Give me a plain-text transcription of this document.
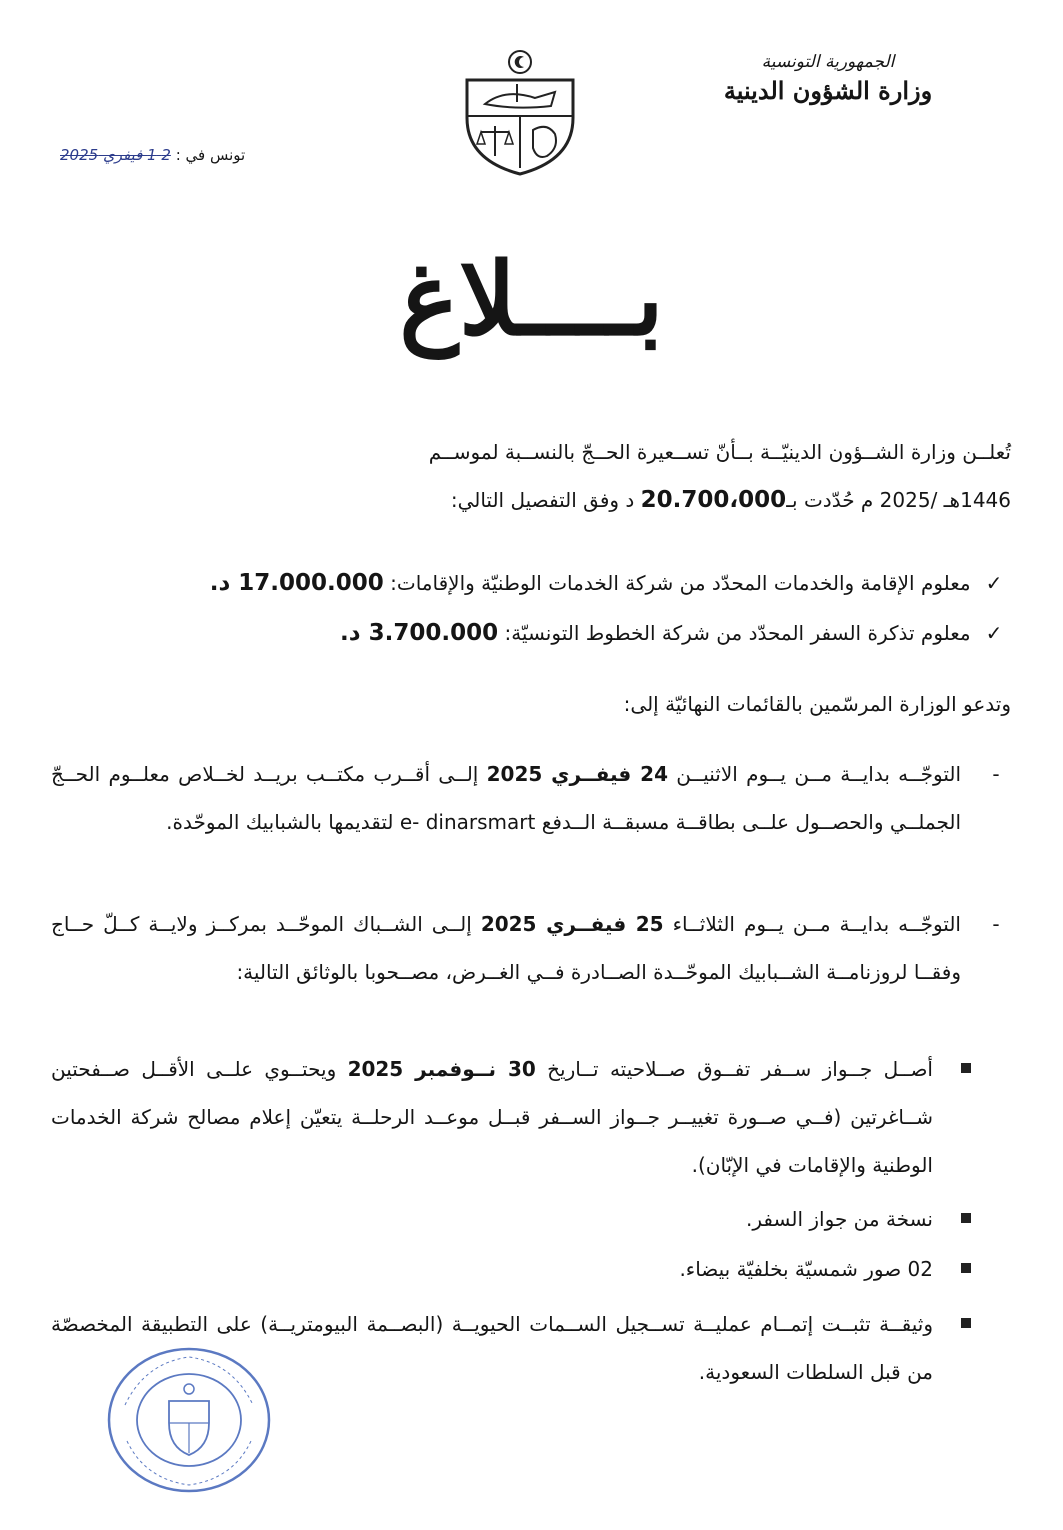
الجمهورية التونسية
وزارة الشؤون الدينية
تونس في : 2 1 فيفري 2025
بــــلاغ
تُعلــن وزارة الشــؤون الدينيّــة بــأنّ تســعيرة الحــجّ بالنســبة لموســم
1446هـ /2025 م حُدّدت بـ20.700،000 د وفق التفصيل التالي:
✓ معلوم الإقامة والخدمات المحدّد من شركة الخدمات الوطنيّة والإقامات: 17.000.000 د.
✓ معلوم تذكرة السفر المحدّد من شركة الخطوط التونسيّة: 3.700.000 د.
وتدعو الوزارة المرسّمين بالقائمات النهائيّة إلى:
-
التوجّــه بدايــة مــن يــوم الاثنيــن 24 فيفــري 2025 إلــى أقــرب مكتــب بريــد لخــلاص معلــوم الحــجّ الجملــي والحصــول علــى بطاقــة مسبقــة الــدفع e- dinarsmart لتقديمها بالشبابيك الموحّدة.
-
التوجّــه بدايــة مــن يــوم الثلاثــاء 25 فيفــري 2025 إلــى الشــباك الموحّــد بمركــز ولايــة كــلّ حــاج وفقــا لروزنامــة الشــبابيك الموحّــدة الصــادرة فــي الغــرض، مصــحوبا بالوثائق التالية:
أصــل جــواز ســفر تفــوق صــلاحيته تــاريخ 30 نــوفمبر 2025 ويحتــوي علــى الأقــل صــفحتين شــاغرتين (فــي صــورة تغييــر جــواز الســفر قبــل موعــد الرحلــة يتعيّن إعلام مصالح شركة الخدمات الوطنية والإقامات في الإبّان).
نسخة من جواز السفر.
02 صور شمسيّة بخلفيّة بيضاء.
وثيقــة تثبــت إتمــام عمليــة تســجيل الســمات الحيويــة (البصــمة البيومتريــة) على التطبيقة المخصصّة من قبل السلطات السعودية.
